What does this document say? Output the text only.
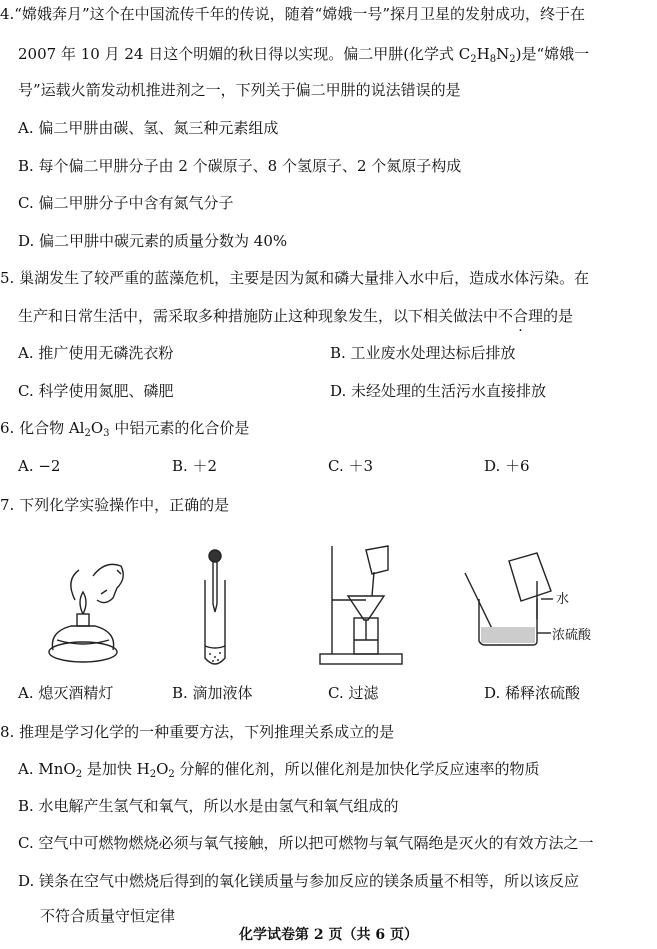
4.“嫦娥奔月”这个在中国流传千年的传说，随着“嫦娥一号”探月卫星的发射成功，终于在
2007 年 10 月 24 日这个明媚的秋日得以实现。偏二甲肼(化学式 $C_2H_8N_2$)是“嫦娥一
号”运载火箭发动机推进剂之一，下列关于偏二甲肼的说法错误的是
A. 偏二甲肼由碳、氢、氮三种元素组成
B. 每个偏二甲肼分子由 2 个碳原子、8 个氢原子、2 个氮原子构成
C. 偏二甲肼分子中含有氮气分子
D. 偏二甲肼中碳元素的质量分数为 40%
5. 巢湖发生了较严重的蓝藻危机，主要是因为氮和磷大量排入水中后，造成水体污染。在
生产和日常生活中，需采取多种措施防止这种现象发生，以下相关做法中不合理的是
A. 推广使用无磷洗衣粉	B. 工业废水处理达标后排放
C. 科学使用氮肥、磷肥	D. 未经处理的生活污水直接排放
6. 化合物 $Al_2O_3$ 中铝元素的化合价是
A. −2	B. ＋2	C. ＋3	D. ＋6
7. 下列化学实验操作中，正确的是
水
浓硫酸
A. 熄灭酒精灯	B. 滴加液体	C. 过滤	D. 稀释浓硫酸
8. 推理是学习化学的一种重要方法，下列推理关系成立的是
A. MnO$_2$ 是加快 $H_2O_2$ 分解的催化剂，所以催化剂是加快化学反应速率的物质
B. 水电解产生氢气和氧气，所以水是由氢气和氧气组成的
C. 空气中可燃物燃烧必须与氧气接触，所以把可燃物与氧气隔绝是灭火的有效方法之一
D. 镁条在空气中燃烧后得到的氧化镁质量与参加反应的镁条质量不相等，所以该反应
不符合质量守恒定律
化学试卷第 2 页（共 6 页）
